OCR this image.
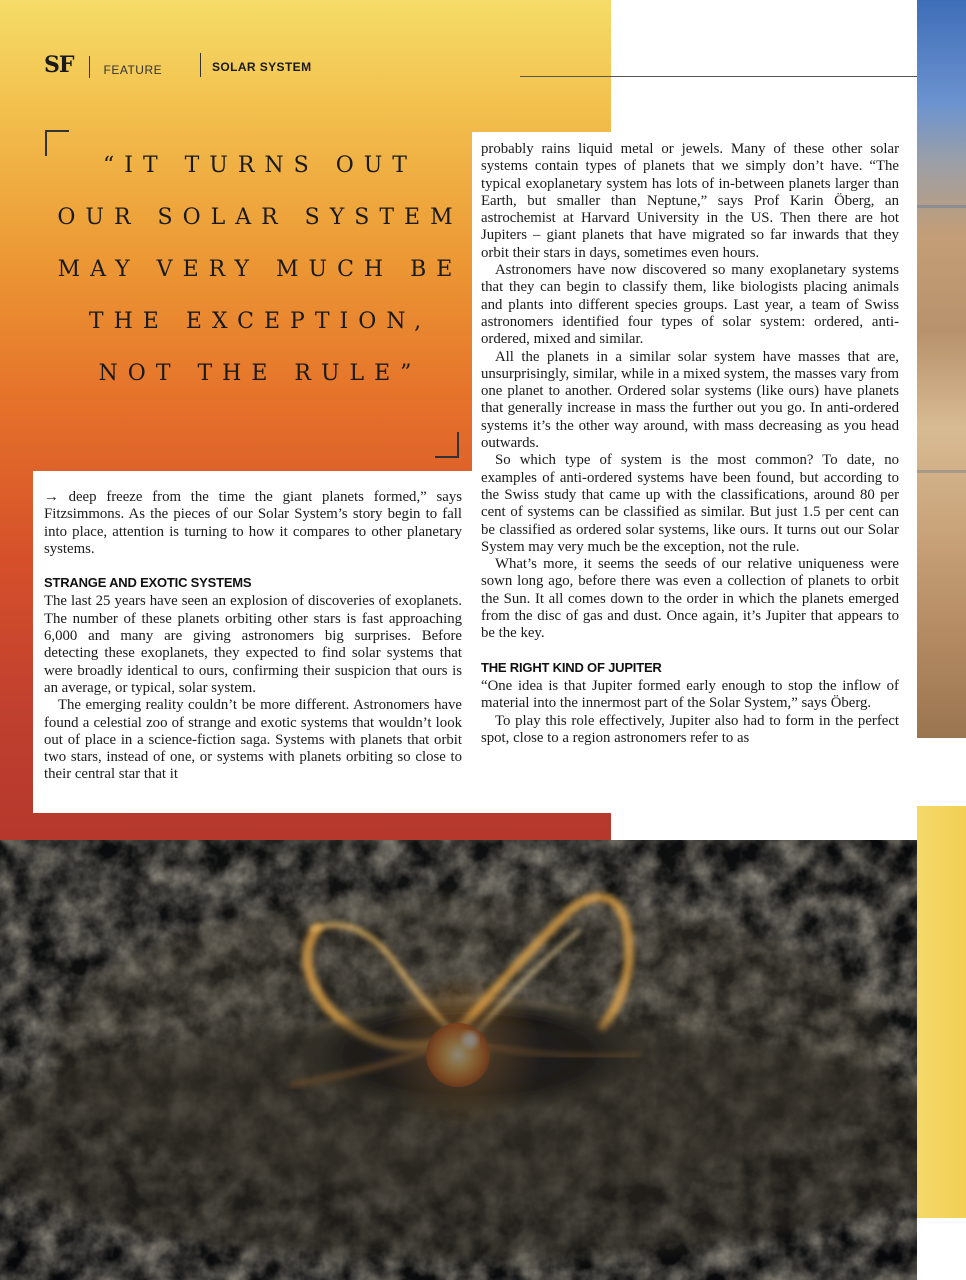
SF	FEATURE	SOLAR SYSTEM
“IT TURNS OUT OUR SOLAR SYSTEM MAY VERY MUCH BE THE EXCEPTION, NOT THE RULE”

→ deep freeze from the time the giant planets formed,” says Fitzsimmons. As the pieces of our Solar System’s story begin to fall into place, attention is turning to how it compares to other planetary systems.

STRANGE AND EXOTIC SYSTEMS

The last 25 years have seen an explosion of discoveries of exoplanets. The number of these planets orbiting other stars is fast approaching 6,000 and many are giving astronomers big surprises. Before detecting these exoplanets, they expected to find solar systems that were broadly identical to ours, confirming their suspicion that ours is an average, or typical, solar system.

The emerging reality couldn’t be more different. Astronomers have found a celestial zoo of strange and exotic systems that wouldn’t look out of place in a science-fiction saga. Systems with planets that orbit two stars, instead of one, or systems with planets orbiting so close to their central star that it

probably rains liquid metal or jewels. Many of these other solar systems contain types of planets that we simply don’t have. “The typical exoplanetary system has lots of in-between planets larger than Earth, but smaller than Neptune,” says Prof Karin Öberg, an astrochemist at Harvard University in the US. Then there are hot Jupiters – giant planets that have migrated so far inwards that they orbit their stars in days, sometimes even hours.

Astronomers have now discovered so many exoplanetary systems that they can begin to classify them, like biologists placing animals and plants into different species groups. Last year, a team of Swiss astronomers identified four types of solar system: ordered, anti-ordered, mixed and similar.

All the planets in a similar solar system have masses that are, unsurprisingly, similar, while in a mixed system, the masses vary from one planet to another. Ordered solar systems (like ours) have planets that generally increase in mass the further out you go. In anti-ordered systems it’s the other way around, with mass decreasing as you head outwards.

So which type of system is the most common? To date, no examples of anti-ordered systems have been found, but according to the Swiss study that came up with the classifications, around 80 per cent of systems can be classified as similar. But just 1.5 per cent can be classified as ordered solar systems, like ours. It turns out our Solar System may very much be the exception, not the rule.

What’s more, it seems the seeds of our relative uniqueness were sown long ago, before there was even a collection of planets to orbit the Sun. It all comes down to the order in which the planets emerged from the disc of gas and dust. Once again, it’s Jupiter that appears to be the key.

THE RIGHT KIND OF JUPITER

“One idea is that Jupiter formed early enough to stop the inflow of material into the innermost part of the Solar System,” says Öberg.

To play this role effectively, Jupiter also had to form in the perfect spot, close to a region astronomers refer to as
